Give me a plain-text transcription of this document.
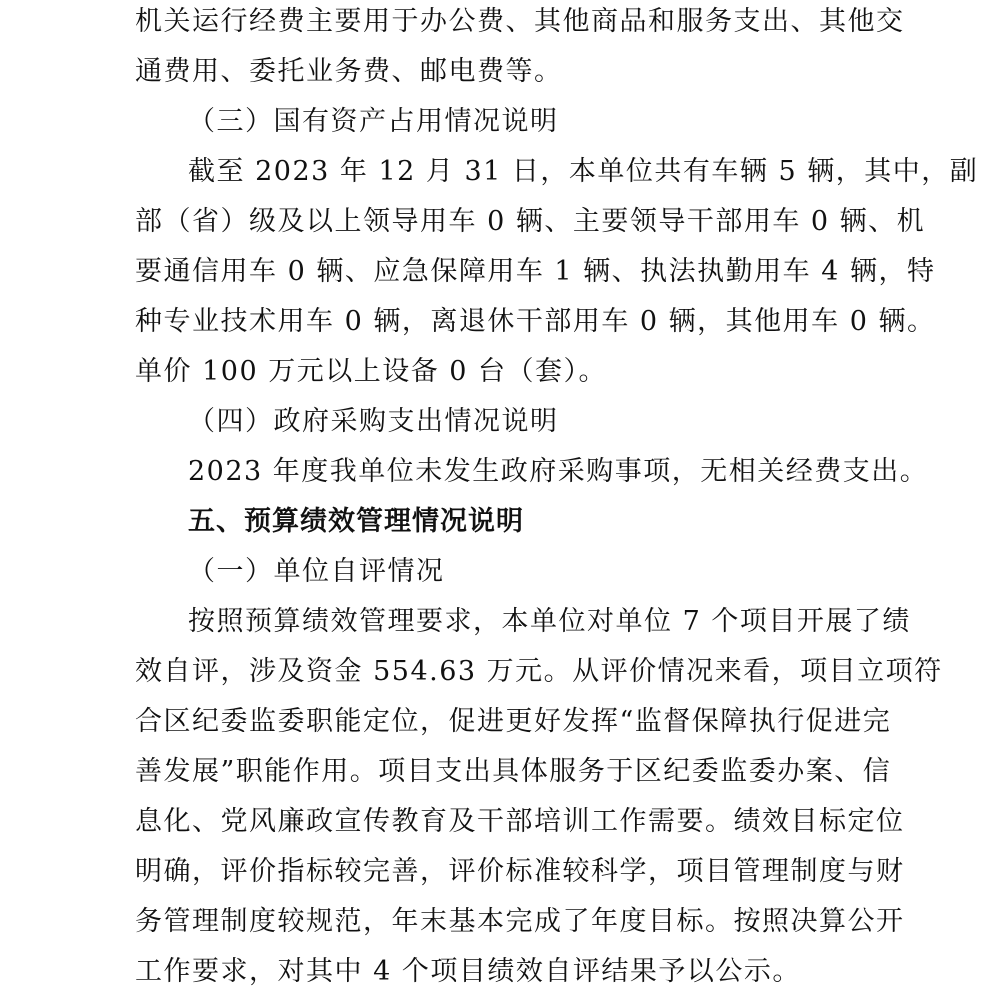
机关运行经费主要用于办公费、其他商品和服务支出、其他交
通费用、委托业务费、邮电费等。
（三）国有资产占用情况说明
截至 2023 年 12 月 31 日，本单位共有车辆 5 辆，其中，副
部（省）级及以上领导用车 0 辆、主要领导干部用车 0 辆、机
要通信用车 0 辆、应急保障用车 1 辆、执法执勤用车 4 辆，特
种专业技术用车 0 辆，离退休干部用车 0 辆，其他用车 0 辆。
单价 100 万元以上设备 0 台（套）。
（四）政府采购支出情况说明
2023 年度我单位未发生政府采购事项，无相关经费支出。
五、预算绩效管理情况说明
（一）单位自评情况
按照预算绩效管理要求，本单位对单位 7 个项目开展了绩
效自评，涉及资金 554.63 万元。从评价情况来看，项目立项符
合区纪委监委职能定位，促进更好发挥“监督保障执行促进完
善发展”职能作用。项目支出具体服务于区纪委监委办案、信
息化、党风廉政宣传教育及干部培训工作需要。绩效目标定位
明确，评价指标较完善，评价标准较科学，项目管理制度与财
务管理制度较规范，年末基本完成了年度目标。按照决算公开
工作要求，对其中 4 个项目绩效自评结果予以公示。
